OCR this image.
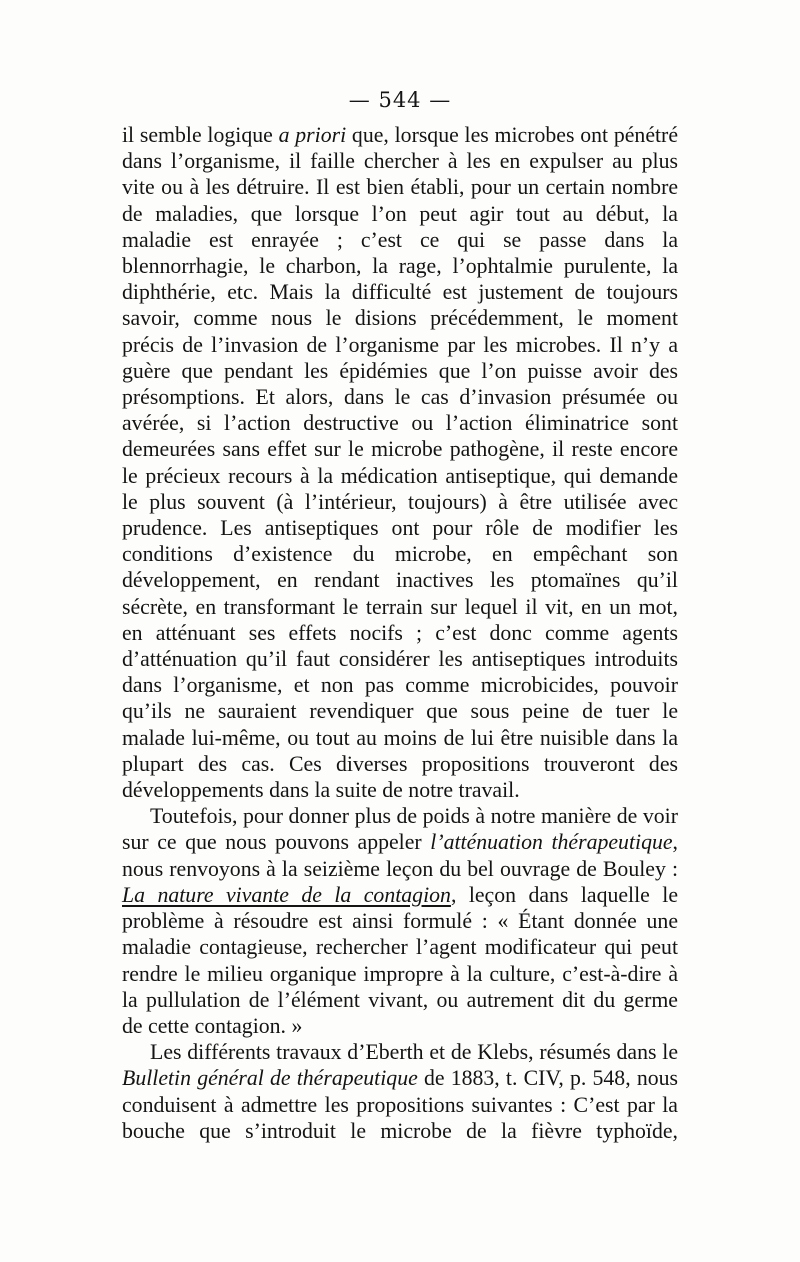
— 544 —

il semble logique a priori que, lorsque les microbes ont pénétré dans l’organisme, il faille chercher à les en expulser au plus vite ou à les détruire. Il est bien établi, pour un certain nombre de maladies, que lorsque l’on peut agir tout au début, la maladie est enrayée ; c’est ce qui se passe dans la blennorrhagie, le charbon, la rage, l’ophtalmie purulente, la diphthérie, etc. Mais la difficulté est justement de toujours savoir, comme nous le disions précédemment, le moment précis de l’invasion de l’organisme par les microbes. Il n’y a guère que pendant les épidémies que l’on puisse avoir des présomptions. Et alors, dans le cas d’invasion présumée ou avérée, si l’action destructive ou l’action éliminatrice sont demeurées sans effet sur le microbe pathogène, il reste encore le précieux recours à la médication antiseptique, qui demande le plus souvent (à l’intérieur, toujours) à être utilisée avec prudence. Les antiseptiques ont pour rôle de modifier les conditions d’existence du microbe, en empêchant son développement, en rendant inactives les ptomaïnes qu’il sécrète, en transformant le terrain sur lequel il vit, en un mot, en atténuant ses effets nocifs ; c’est donc comme agents d’atténuation qu’il faut considérer les antiseptiques introduits dans l’organisme, et non pas comme microbicides, pouvoir qu’ils ne sauraient revendiquer que sous peine de tuer le malade lui-même, ou tout au moins de lui être nuisible dans la plupart des cas. Ces diverses propositions trouveront des développements dans la suite de notre travail.

Toutefois, pour donner plus de poids à notre manière de voir sur ce que nous pouvons appeler l’atténuation thérapeutique, nous renvoyons à la seizième leçon du bel ouvrage de Bouley : La nature vivante de la contagion, leçon dans laquelle le problème à résoudre est ainsi formulé : « Étant donnée une maladie contagieuse, rechercher l’agent modificateur qui peut rendre le milieu organique impropre à la culture, c’est-à-dire à la pullulation de l’élément vivant, ou autrement dit du germe de cette contagion. »

Les différents travaux d’Eberth et de Klebs, résumés dans le Bulletin général de thérapeutique de 1883, t. CIV, p. 548, nous conduisent à admettre les propositions suivantes : C’est par la bouche que s’introduit le microbe de la fièvre typhoïde,
